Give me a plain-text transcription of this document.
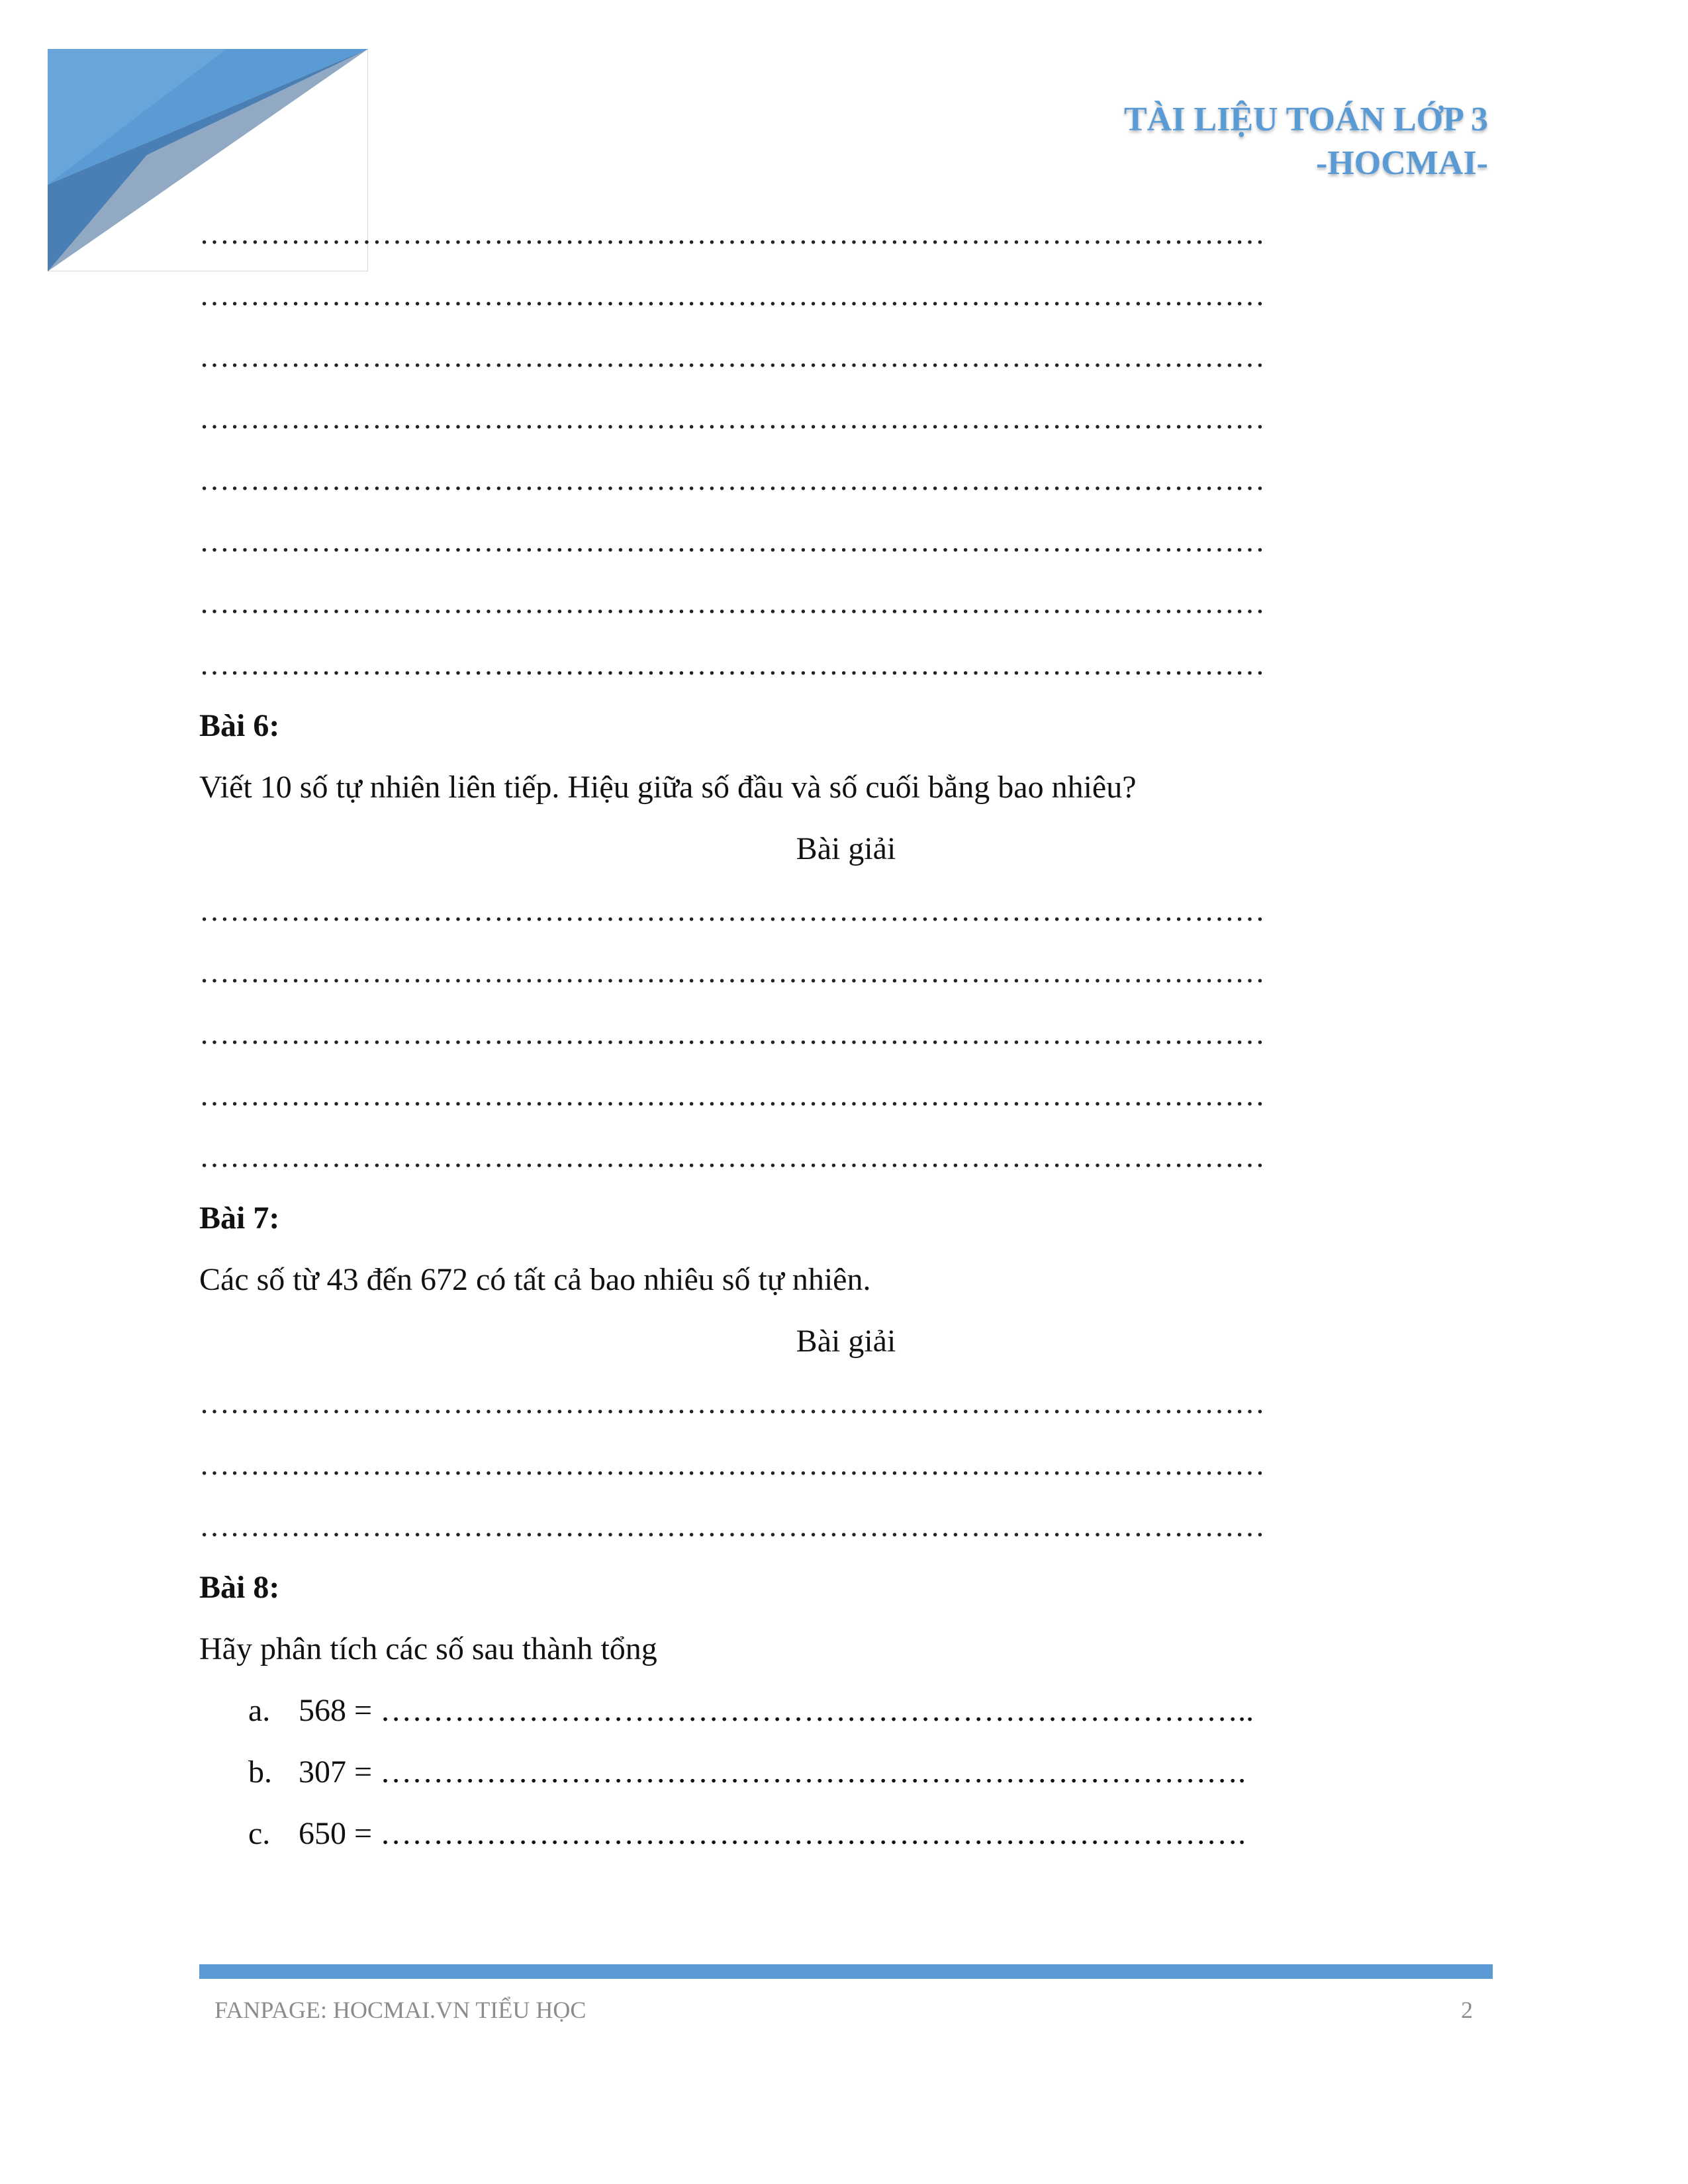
TÀI LIỆU TOÁN LỚP 3
-HOCMAI-
……………………………………………………………………………………………
……………………………………………………………………………………………
……………………………………………………………………………………………
……………………………………………………………………………………………
……………………………………………………………………………………………
……………………………………………………………………………………………
……………………………………………………………………………………………
……………………………………………………………………………………………
Bài 6:
Viết 10 số tự nhiên liên tiếp. Hiệu giữa số đầu và số cuối bằng bao nhiêu?
Bài giải
……………………………………………………………………………………………
……………………………………………………………………………………………
……………………………………………………………………………………………
……………………………………………………………………………………………
……………………………………………………………………………………………
Bài 7:
Các số từ 43 đến 672 có tất cả bao nhiêu số tự nhiên.
Bài giải
……………………………………………………………………………………………
……………………………………………………………………………………………
……………………………………………………………………………………………
Bài 8:
Hãy phân tích các số sau thành tổng
a. 568 = ………………………………………………………………………..
b. 307 = ……………………………………………………………………….
c. 650 = ……………………………………………………………………….
FANPAGE: HOCMAI.VN TIỂU HỌC	2
